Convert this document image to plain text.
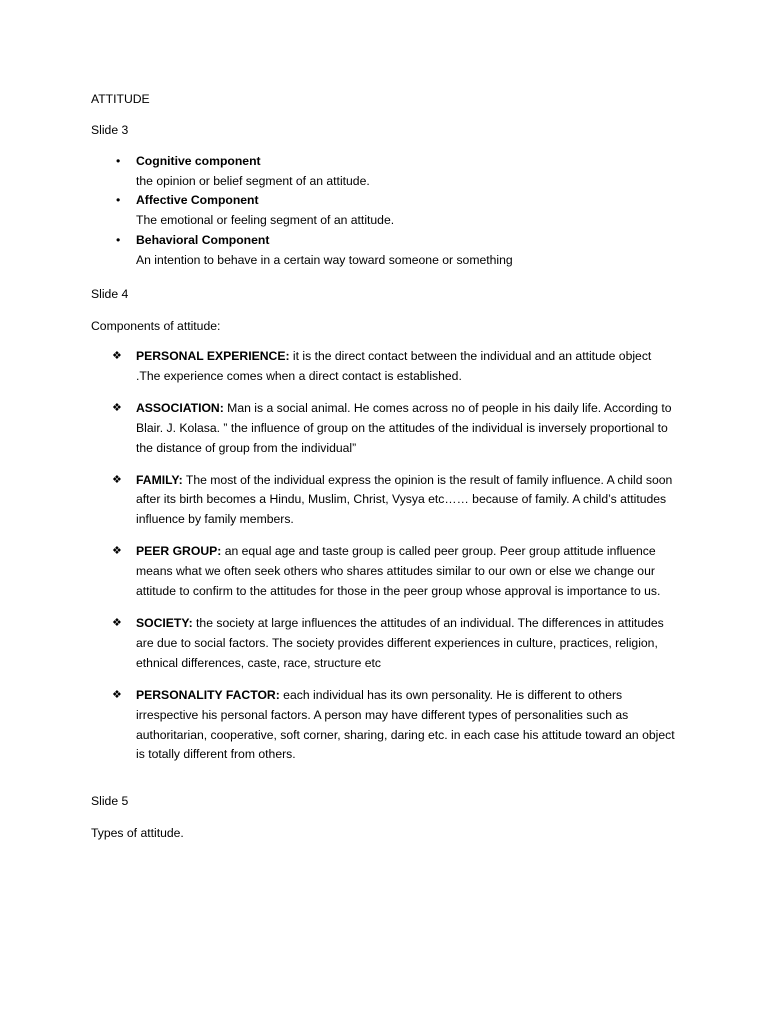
ATTITUDE

Slide 3

• Cognitive component
the opinion or belief segment of an attitude.
• Affective Component
The emotional or feeling segment of an attitude.
• Behavioral Component
An intention to behave in a certain way toward someone or something

Slide 4

Components of attitude:

❖ PERSONAL EXPERIENCE: it is the direct contact between the individual and an attitude object .The experience comes when a direct contact is established.
❖ ASSOCIATION: Man is a social animal. He comes across no of people in his daily life. According to Blair. J. Kolasa. ” the influence of group on the attitudes of the individual is inversely proportional to the distance of group from the individual”
❖ FAMILY: The most of the individual express the opinion is the result of family influence. A child soon after its birth becomes a Hindu, Muslim, Christ, Vysya etc…… because of family. A child’s attitudes influence by family members.
❖ PEER GROUP: an equal age and taste group is called peer group. Peer group attitude influence means what we often seek others who shares attitudes similar to our own or else we change our attitude to confirm to the attitudes for those in the peer group whose approval is importance to us.
❖ SOCIETY: the society at large influences the attitudes of an individual. The differences in attitudes are due to social factors. The society provides different experiences in culture, practices, religion, ethnical differences, caste, race, structure etc
❖ PERSONALITY FACTOR: each individual has its own personality. He is different to others irrespective his personal factors. A person may have different types of personalities such as authoritarian, cooperative, soft corner, sharing, daring etc. in each case his attitude toward an object is totally different from others.

Slide 5

Types of attitude.
